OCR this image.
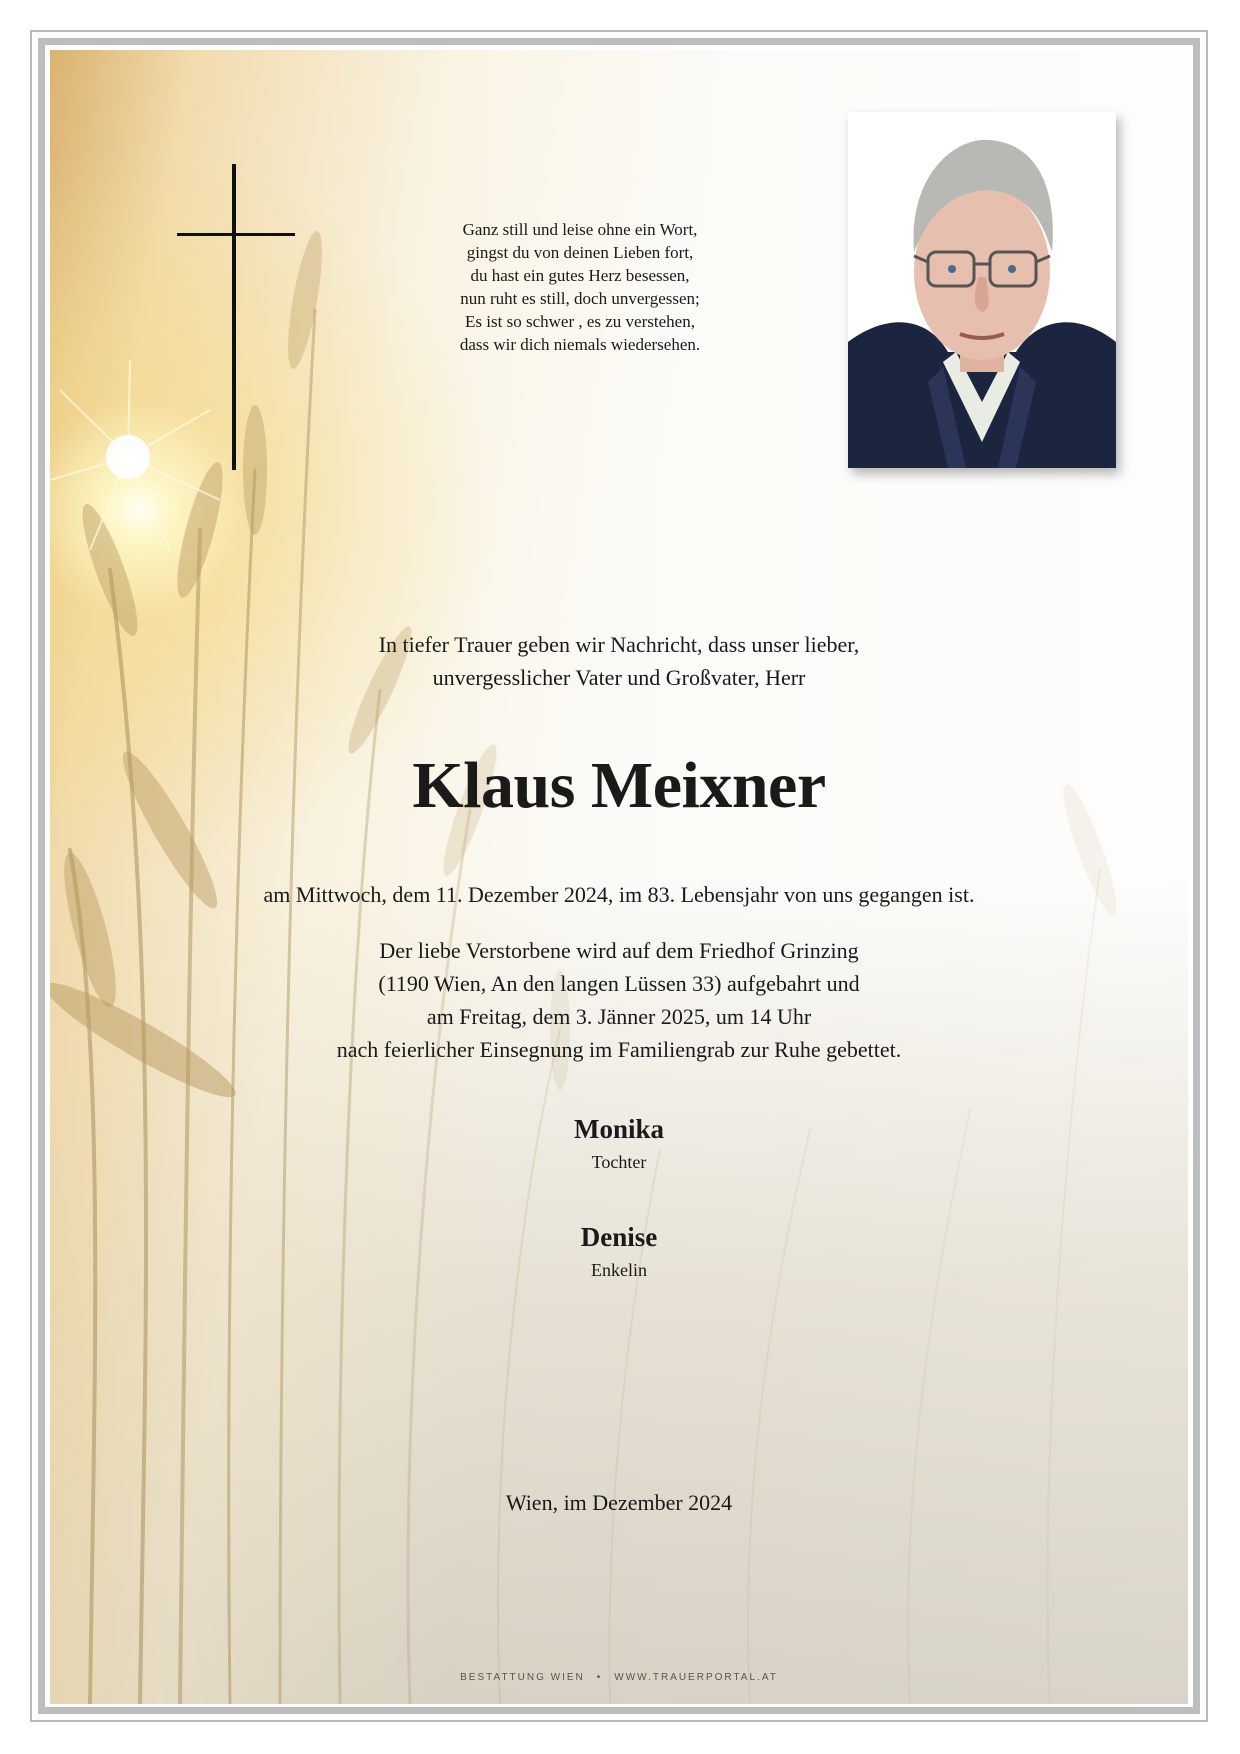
Ganz still und leise ohne ein Wort,
gingst du von deinen Lieben fort,
du hast ein gutes Herz besessen,
nun ruht es still, doch unvergessen;
Es ist so schwer , es zu verstehen,
dass wir dich niemals wiedersehen.
In tiefer Trauer geben wir Nachricht, dass unser lieber,
unvergesslicher Vater und Großvater, Herr
Klaus Meixner
am Mittwoch, dem 11. Dezember 2024, im 83. Lebensjahr von uns gegangen ist.
Der liebe Verstorbene wird auf dem Friedhof Grinzing
(1190 Wien, An den langen Lüssen 33) aufgebahrt und
am Freitag, dem 3. Jänner 2025, um 14 Uhr
nach feierlicher Einsegnung im Familiengrab zur Ruhe gebettet.
Monika
Tochter
Denise
Enkelin
Wien, im Dezember 2024
BESTATTUNG WIEN • WWW.TRAUERPORTAL.AT
